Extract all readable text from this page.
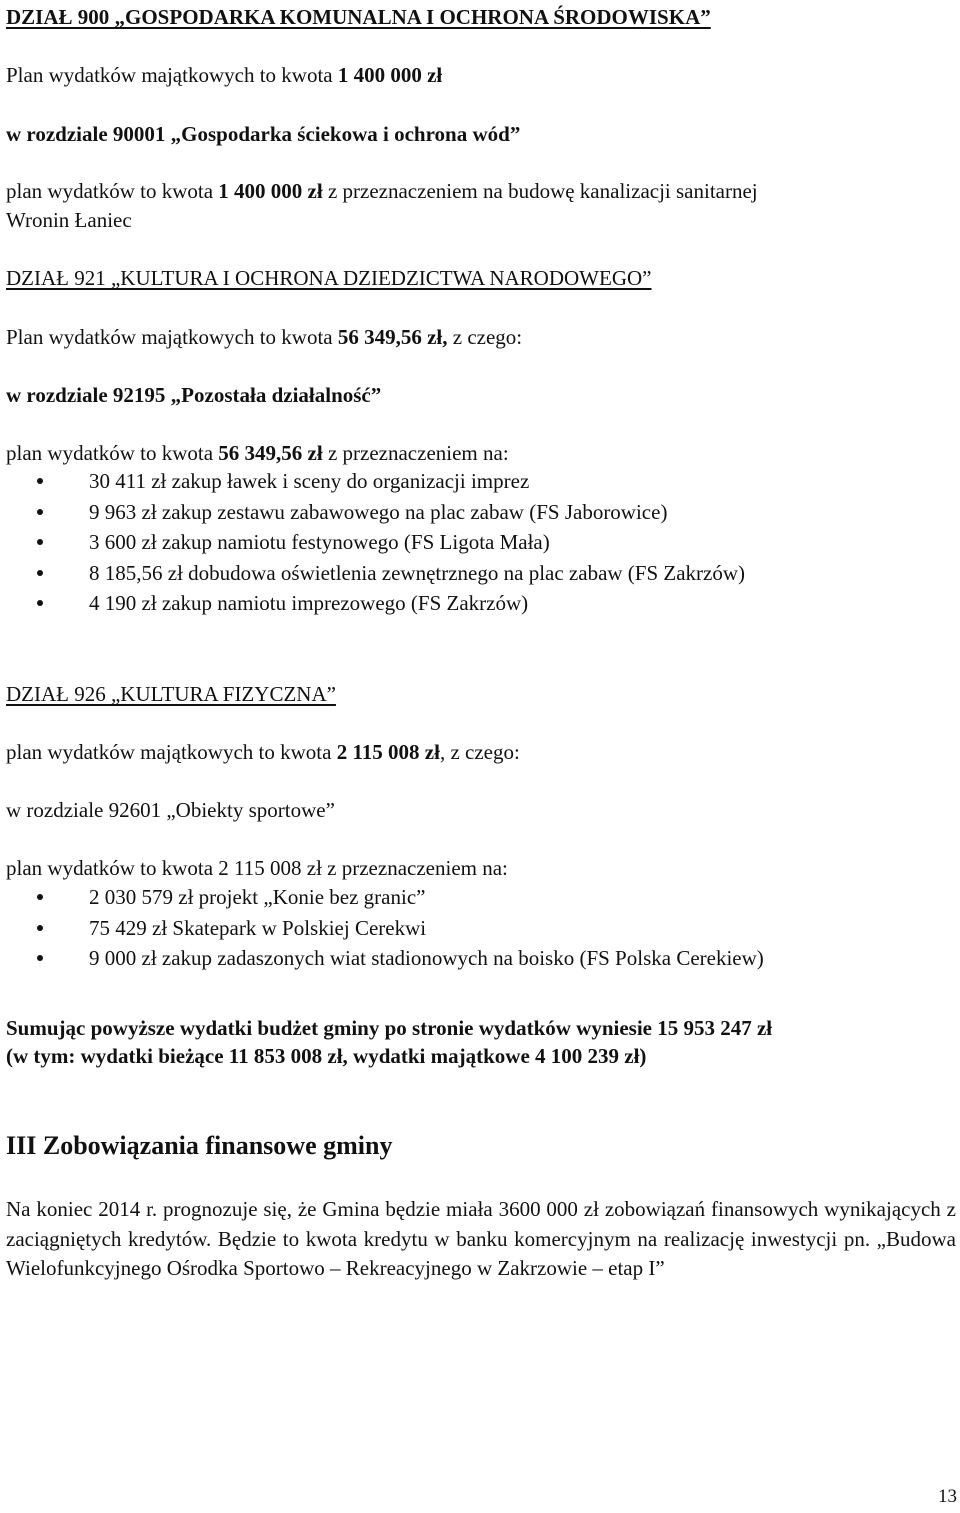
DZIAŁ 900 „GOSPODARKA KOMUNALNA I OCHRONA ŚRODOWISKA”
Plan wydatków majątkowych to kwota 1 400 000 zł
w rozdziale 90001 „Gospodarka ściekowa i ochrona wód”
plan wydatków to kwota 1 400 000 zł z przeznaczeniem na budowę kanalizacji sanitarnej
Wronin Łaniec
DZIAŁ 921 „KULTURA I OCHRONA DZIEDZICTWA NARODOWEGO”
Plan wydatków majątkowych to kwota 56 349,56 zł, z czego:
w rozdziale 92195 „Pozostała działalność”
plan wydatków to kwota 56 349,56 zł z przeznaczeniem na:
30 411 zł zakup ławek i sceny do organizacji imprez
9 963 zł zakup zestawu zabawowego na plac zabaw (FS Jaborowice)
3 600 zł zakup namiotu festynowego (FS Ligota Mała)
8 185,56 zł dobudowa oświetlenia zewnętrznego na plac zabaw (FS Zakrzów)
4 190 zł zakup namiotu imprezowego (FS Zakrzów)
DZIAŁ 926 „KULTURA FIZYCZNA”
plan wydatków majątkowych to kwota 2 115 008 zł, z czego:
w rozdziale 92601 „Obiekty sportowe”
plan wydatków to kwota 2 115 008 zł z przeznaczeniem na:
2 030 579 zł projekt „Konie bez granic”
75 429 zł Skatepark w Polskiej Cerekwi
9 000 zł zakup zadaszonych wiat stadionowych na boisko (FS Polska Cerekiew)
Sumując powyższe wydatki budżet gminy po stronie wydatków wyniesie 15 953 247 zł
(w tym: wydatki bieżące 11 853 008 zł, wydatki majątkowe 4 100 239 zł)
III Zobowiązania finansowe gminy
Na koniec 2014 r. prognozuje się, że Gmina będzie miała 3600 000 zł zobowiązań finansowych wynikających z zaciągniętych kredytów. Będzie to kwota kredytu w banku komercyjnym na realizację inwestycji pn. „Budowa Wielofunkcyjnego Ośrodka Sportowo – Rekreacyjnego w Zakrzowie – etap I”
13
